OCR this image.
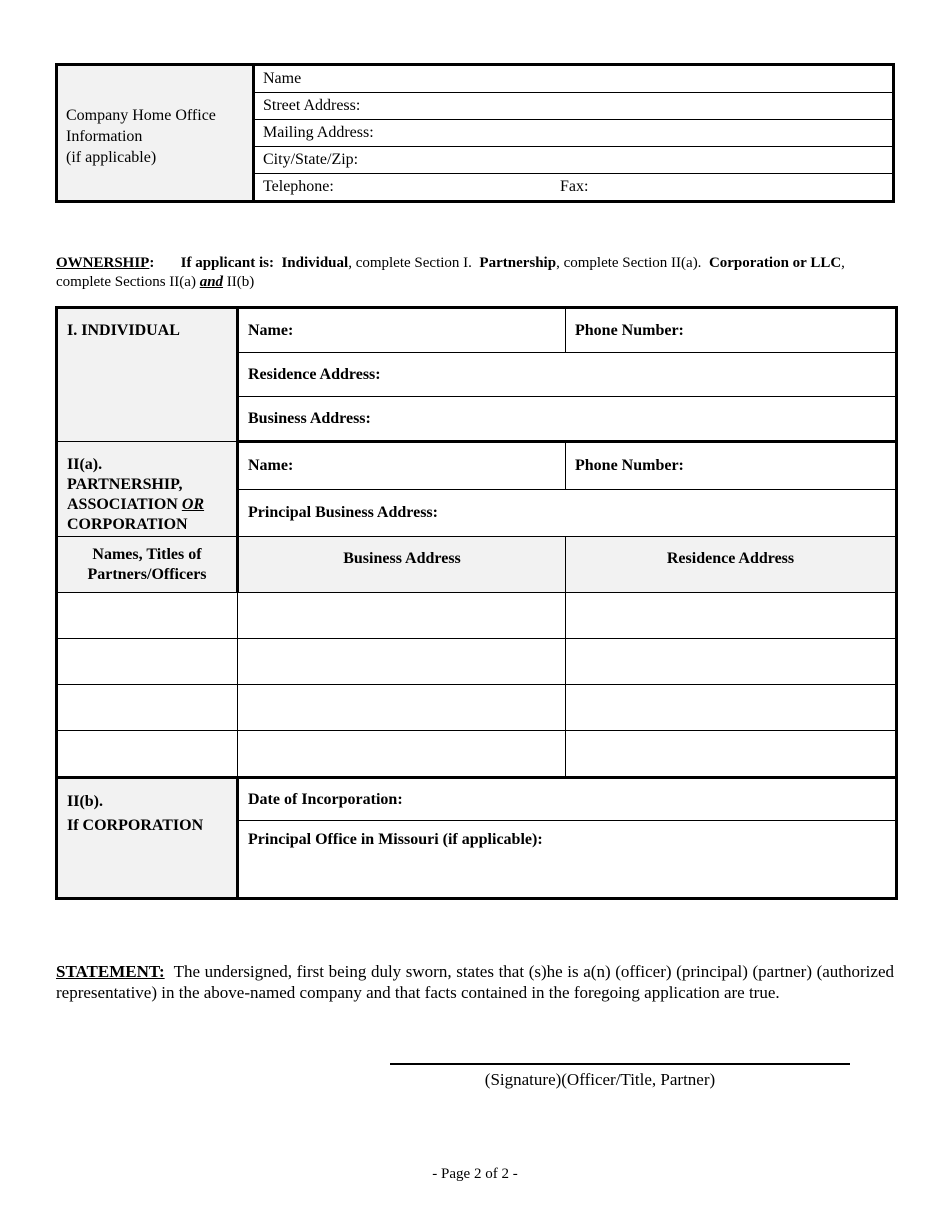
Company Home Office
Information
(if applicable)	Name
Street Address:
Mailing Address:
City/State/Zip:
Telephone:	Fax:
OWNERSHIP: If applicant is: Individual, complete Section I. Partnership, complete Section II(a). Corporation or LLC, complete Sections II(a) and II(b)
I. INDIVIDUAL	Name:	Phone Number:
	Residence Address:	
	Business Address:	
II(a).
PARTNERSHIP,
ASSOCIATION OR
CORPORATION	Name:	Phone Number:
	Principal Business Address:	
Names, Titles of
Partners/Officers	Business Address	Residence Address

II(b).
If CORPORATION	Date of Incorporation:	
	Principal Office in Missouri (if applicable):	
STATEMENT: The undersigned, first being duly sworn, states that (s)he is a(n) (officer) (principal) (partner) (authorized representative) in the above-named company and that facts contained in the foregoing application are true.
(Signature)(Officer/Title, Partner)
- Page 2 of 2 -
